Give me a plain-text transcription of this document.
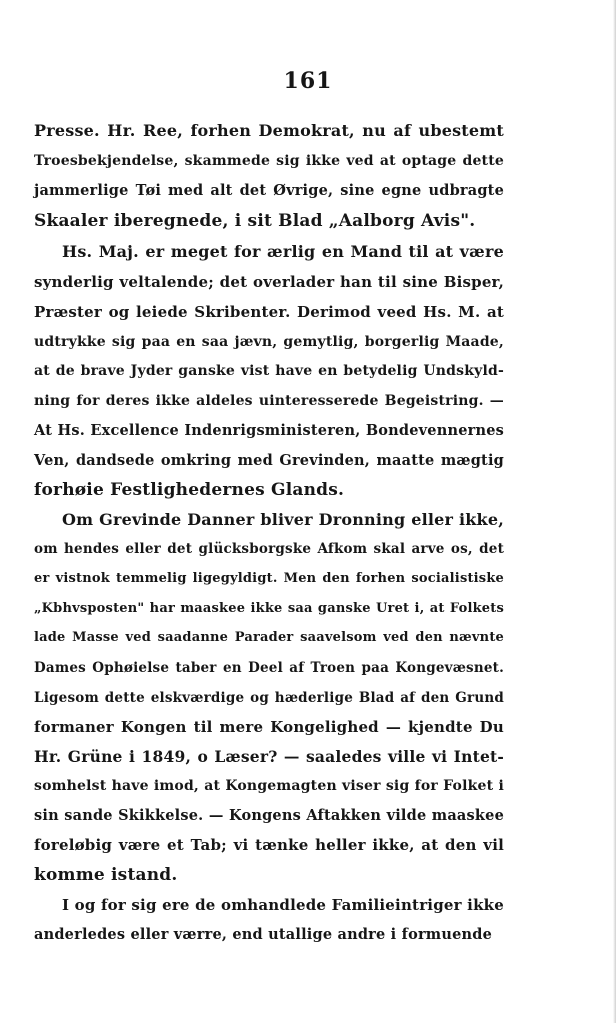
161
Presse. Hr. Ree, forhen Demokrat, nu af ubestemt
Troesbekjendelse, skammede sig ikke ved at optage dette
jammerlige Tøi med alt det Øvrige, sine egne udbragte
Skaaler iberegnede, i sit Blad „Aalborg Avis".
Hs. Maj. er meget for ærlig en Mand til at være
synderlig veltalende; det overlader han til sine Bisper,
Præster og leiede Skribenter. Derimod veed Hs. M. at
udtrykke sig paa en saa jævn, gemytlig, borgerlig Maade,
at de brave Jyder ganske vist have en betydelig Undskyld-
ning for deres ikke aldeles uinteresserede Begeistring. —
At Hs. Excellence Indenrigsministeren, Bondevennernes
Ven, dandsede omkring med Grevinden, maatte mægtig
forhøie Festlighedernes Glands.
Om Grevinde Danner bliver Dronning eller ikke,
om hendes eller det glücksborgske Afkom skal arve os, det
er vistnok temmelig ligegyldigt. Men den forhen socialistiske
„Kbhvsposten" har maaskee ikke saa ganske Uret i, at Folkets
lade Masse ved saadanne Parader saavelsom ved den nævnte
Dames Ophøielse taber en Deel af Troen paa Kongevæsnet.
Ligesom dette elskværdige og hæderlige Blad af den Grund
formaner Kongen til mere Kongelighed — kjendte Du
Hr. Grüne i 1849, o Læser? — saaledes ville vi Intet-
somhelst have imod, at Kongemagten viser sig for Folket i
sin sande Skikkelse. — Kongens Aftakken vilde maaskee
foreløbig være et Tab; vi tænke heller ikke, at den vil
komme istand.
I og for sig ere de omhandlede Familieintriger ikke
anderledes eller værre, end utallige andre i formuende
